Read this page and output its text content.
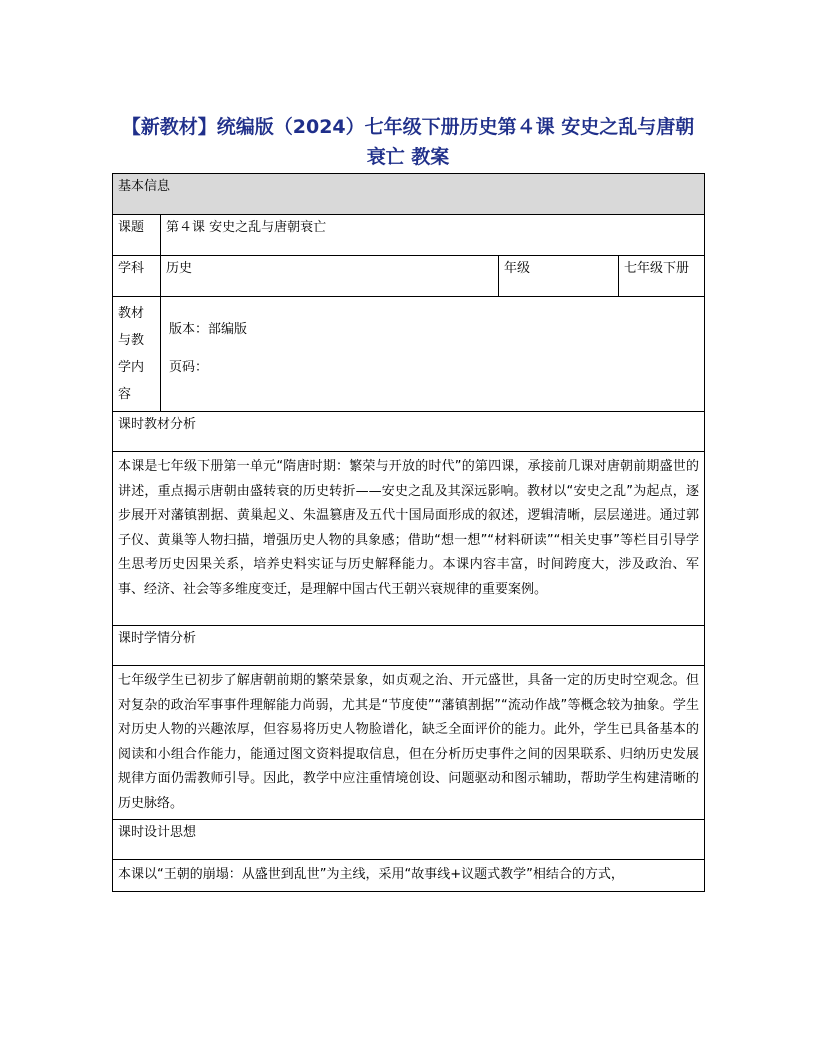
【新教材】统编版（2024）七年级下册历史第４课 安史之乱与唐朝
衰亡 教案
基本信息			
课题	第４课 安史之乱与唐朝衰亡		
学科	历史	年级	七年级下册

教材
与教
学内
容	版本：部编版
页码：		

课时教材分析			
本课是七年级下册第一单元“隋唐时期：繁荣与开放的时代”的第四课，承接前几课对唐朝前期盛世的讲述，重点揭示唐朝由盛转衰的历史转折——安史之乱及其深远影响。教材以“安史之乱”为起点，逐步展开对藩镇割据、黄巢起义、朱温篡唐及五代十国局面形成的叙述，逻辑清晰，层层递进。通过郭子仪、黄巢等人物扫描，增强历史人物的具象感；借助“想一想”“材料研读”“相关史事”等栏目引导学生思考历史因果关系，培养史料实证与历史解释能力。本课内容丰富，时间跨度大，涉及政治、军事、经济、社会等多维度变迁，是理解中国古代王朝兴衰规律的重要案例。			
课时学情分析			
七年级学生已初步了解唐朝前期的繁荣景象，如贞观之治、开元盛世，具备一定的历史时空观念。但对复杂的政治军事事件理解能力尚弱，尤其是“节度使”“藩镇割据”“流动作战”等概念较为抽象。学生对历史人物的兴趣浓厚，但容易将历史人物脸谱化，缺乏全面评价的能力。此外，学生已具备基本的阅读和小组合作能力，能通过图文资料提取信息，但在分析历史事件之间的因果联系、归纳历史发展规律方面仍需教师引导。因此，教学中应注重情境创设、问题驱动和图示辅助，帮助学生构建清晰的历史脉络。			
课时设计思想			
本课以“王朝的崩塌：从盛世到乱世”为主线，采用“故事线+议题式教学”相结合的方式，			
